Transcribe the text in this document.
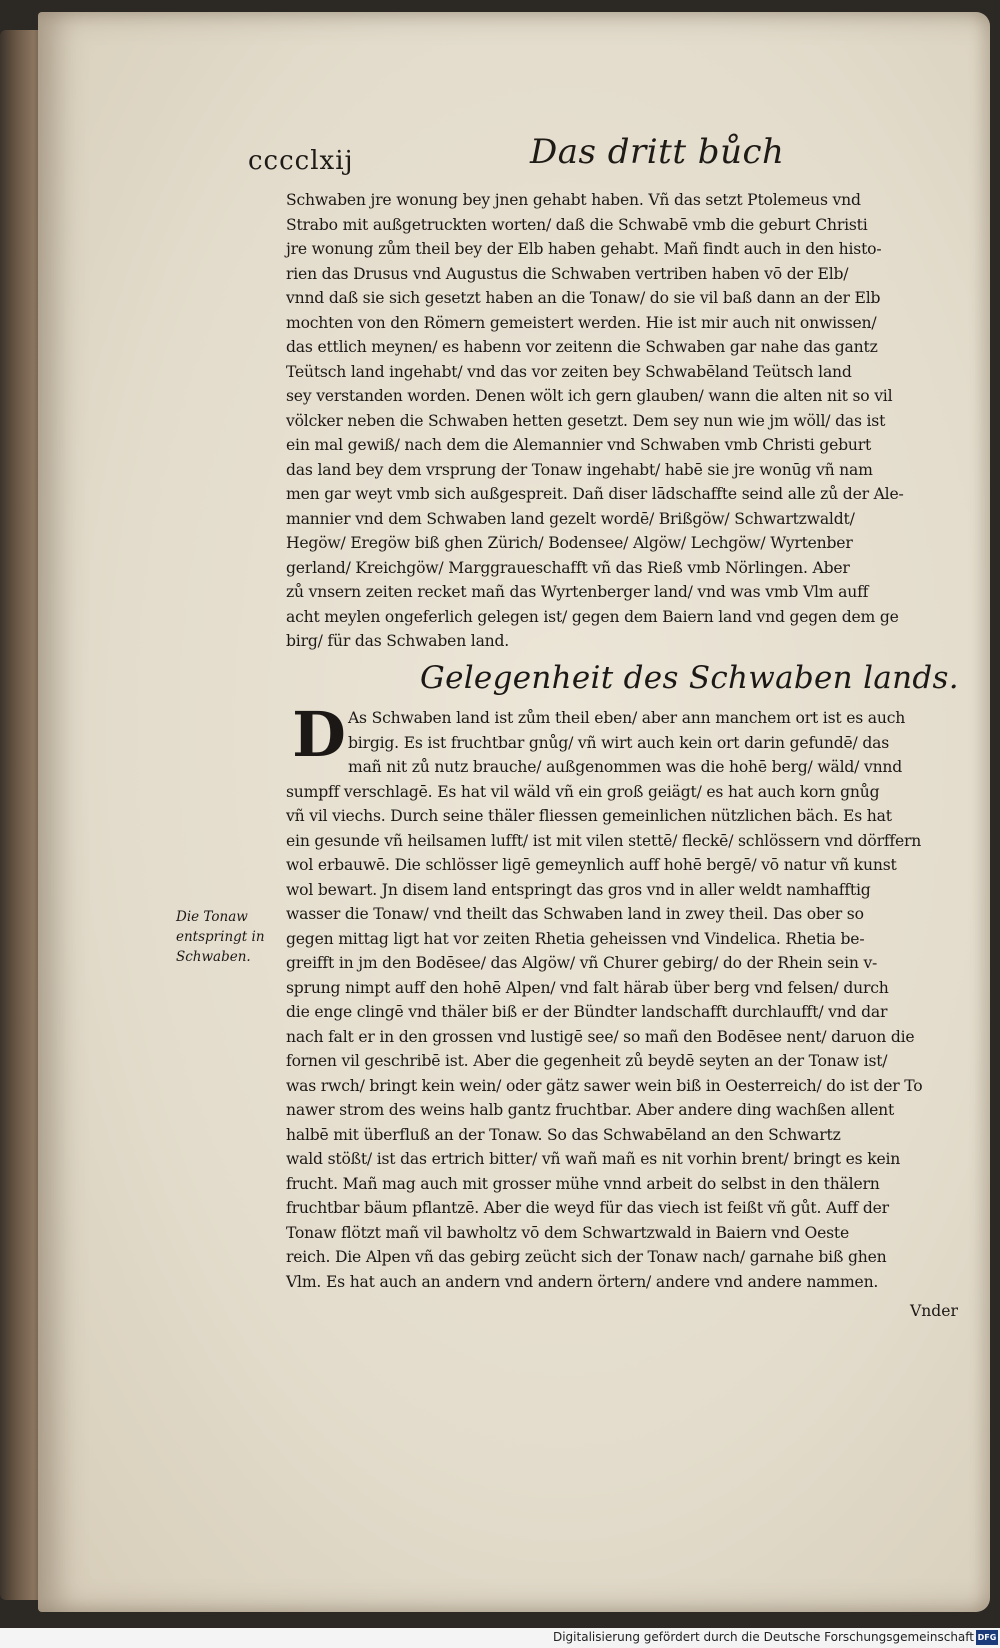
cccclxij	Das dritt bůch
Schwaben jre wonung bey jnen gehabt haben. Vñ das setzt Ptolemeus vnd
Strabo mit außgetruckten worten/ daß die Schwabē vmb die geburt Christi
jre wonung zům theil bey der Elb haben gehabt. Mañ findt auch in den histo-
rien das Drusus vnd Augustus die Schwaben vertriben haben vō der Elb/
vnnd daß sie sich gesetzt haben an die Tonaw/ do sie vil baß dann an der Elb
mochten von den Römern gemeistert werden. Hie ist mir auch nit onwissen/
das ettlich meynen/ es habenn vor zeitenn die Schwaben gar nahe das gantz
Teütsch land ingehabt/ vnd das vor zeiten bey Schwabēland Teütsch land
sey verstanden worden. Denen wölt ich gern glauben/ wann die alten nit so vil
völcker neben die Schwaben hetten gesetzt. Dem sey nun wie jm wöll/ das ist
ein mal gewiß/ nach dem die Alemannier vnd Schwaben vmb Christi geburt
das land bey dem vrsprung der Tonaw ingehabt/ habē sie jre wonūg vñ nam
men gar weyt vmb sich außgespreit. Dañ diser lādschaffte seind alle zů der Ale-
mannier vnd dem Schwaben land gezelt wordē/ Brißgöw/ Schwartzwaldt/
Hegöw/ Eregöw biß ghen Zürich/ Bodensee/ Algöw/ Lechgöw/ Wyrtenber
gerland/ Kreichgöw/ Marggraueschafft vñ das Rieß vmb Nörlingen. Aber
zů vnsern zeiten recket mañ das Wyrtenberger land/ vnd was vmb Vlm auff
acht meylen ongeferlich gelegen ist/ gegen dem Baiern land vnd gegen dem ge
birg/ für das Schwaben land.
Gelegenheit des Schwaben lands.
D As Schwaben land ist zům theil eben/ aber ann manchem ort ist es auch
birgig. Es ist fruchtbar gnůg/ vñ wirt auch kein ort darin gefundē/ das
mañ nit zů nutz brauche/ außgenommen was die hohē berg/ wäld/ vnnd
sumpff verschlagē. Es hat vil wäld vñ ein groß geiägt/ es hat auch korn gnůg
vñ vil viechs. Durch seine thäler fliessen gemeinlichen nützlichen bäch. Es hat
ein gesunde vñ heilsamen lufft/ ist mit vilen stettē/ fleckē/ schlössern vnd dörffern
wol erbauwē. Die schlösser ligē gemeynlich auff hohē bergē/ vō natur vñ kunst
wol bewart. Jn disem land entspringt das gros vnd in aller weldt namhafftig
wasser die Tonaw/ vnd theilt das Schwaben land in zwey theil. Das ober so
gegen mittag ligt hat vor zeiten Rhetia geheissen vnd Vindelica. Rhetia be-
greifft in jm den Bodēsee/ das Algöw/ vñ Churer gebirg/ do der Rhein sein v-
sprung nimpt auff den hohē Alpen/ vnd falt härab über berg vnd felsen/ durch
die enge clingē vnd thäler biß er der Bündter landschafft durchlaufft/ vnd dar
nach falt er in den grossen vnd lustigē see/ so mañ den Bodēsee nent/ daruon die
fornen vil geschribē ist. Aber die gegenheit zů beydē seyten an der Tonaw ist/
was rwch/ bringt kein wein/ oder gätz sawer wein biß in Oesterreich/ do ist der To
nawer strom des weins halb gantz fruchtbar. Aber andere ding wachßen allent
halbē mit überfluß an der Tonaw. So das Schwabēland an den Schwartz
wald stößt/ ist das ertrich bitter/ vñ wañ mañ es nit vorhin brent/ bringt es kein
frucht. Mañ mag auch mit grosser mühe vnnd arbeit do selbst in den thälern
fruchtbar bäum pflantzē. Aber die weyd für das viech ist feißt vñ gůt. Auff der
Tonaw flötzt mañ vil bawholtz vō dem Schwartzwald in Baiern vnd Oeste
reich. Die Alpen vñ das gebirg zeücht sich der Tonaw nach/ garnahe biß ghen
Vlm. Es hat auch an andern vnd andern örtern/ andere vnd andere nammen.
Vnder
Die Tonaw
entspringt in
Schwaben.
Digitalisierung gefördert durch die Deutsche Forschungsgemeinschaft DFG
